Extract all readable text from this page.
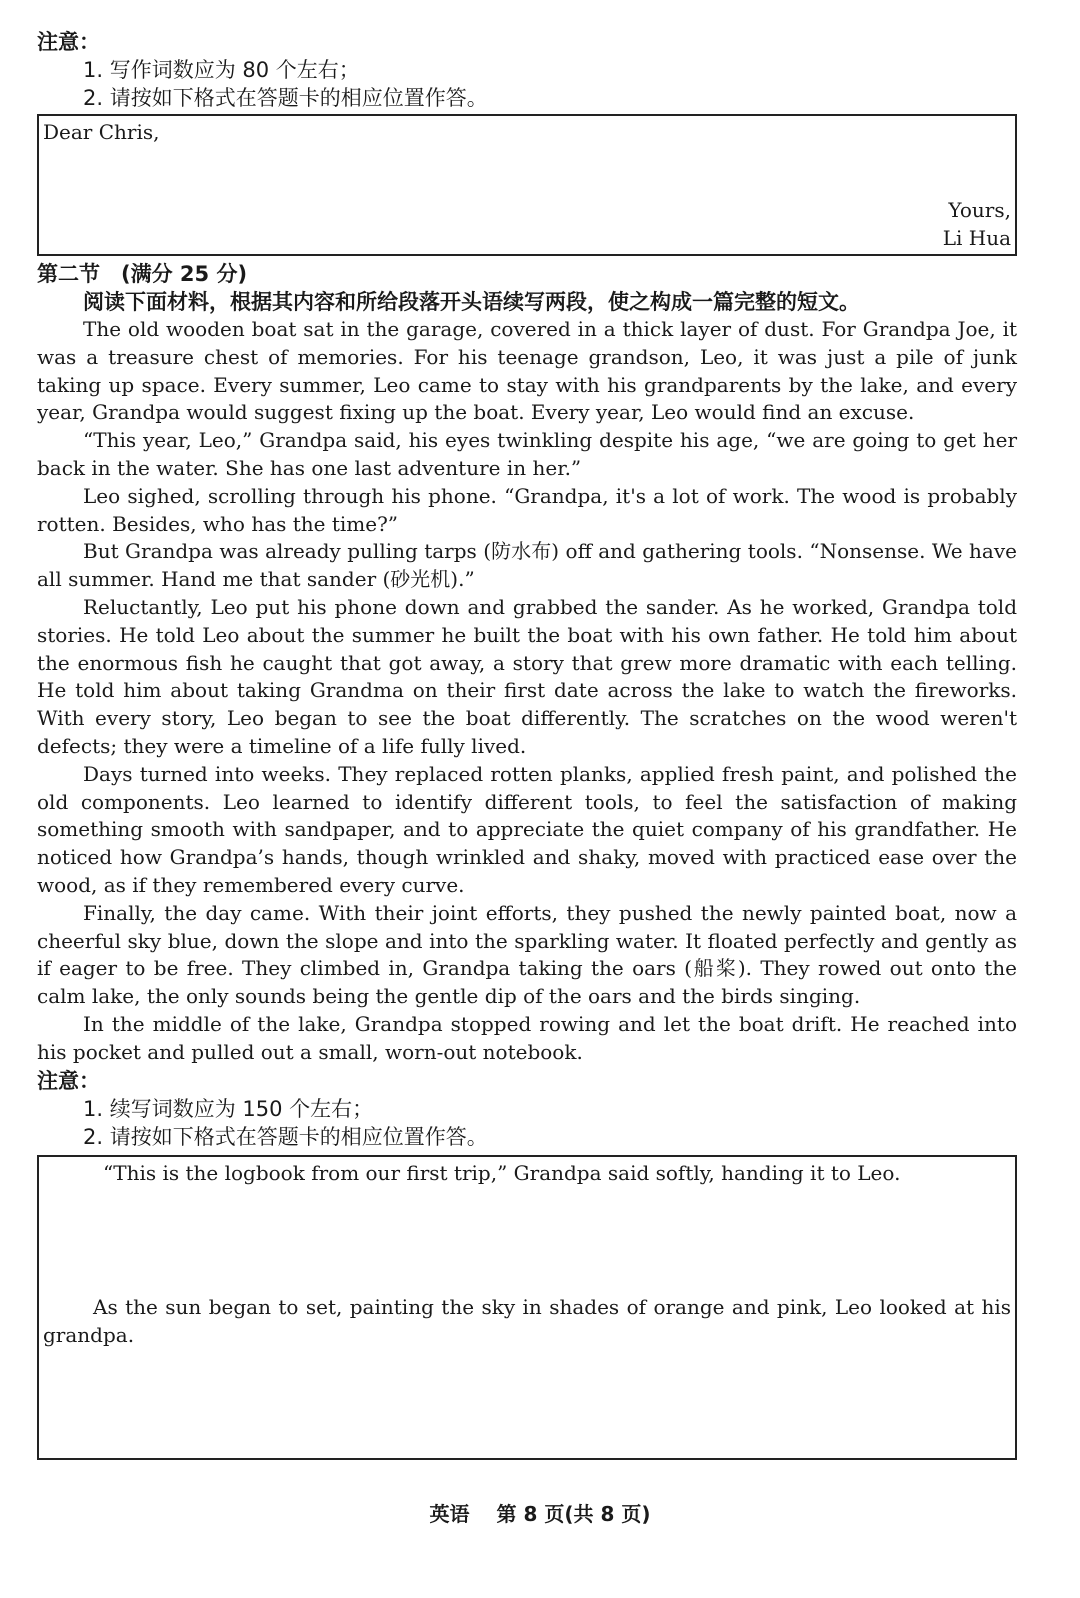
注意：
1. 写作词数应为 80 个左右；
2. 请按如下格式在答题卡的相应位置作答。
Dear Chris,
Yours,
Li Hua
第二节　(满分 25 分)
阅读下面材料，根据其内容和所给段落开头语续写两段，使之构成一篇完整的短文。

The old wooden boat sat in the garage, covered in a thick layer of dust. For Grandpa Joe, it was a treasure chest of memories. For his teenage grandson, Leo, it was just a pile of junk taking up space. Every summer, Leo came to stay with his grandparents by the lake, and every year, Grandpa would suggest fixing up the boat. Every year, Leo would find an excuse.

“This year, Leo,” Grandpa said, his eyes twinkling despite his age, “we are going to get her back in the water. She has one last adventure in her.”

Leo sighed, scrolling through his phone. “Grandpa, it's a lot of work. The wood is probably rotten. Besides, who has the time?”

But Grandpa was already pulling tarps (防水布) off and gathering tools. “Nonsense. We have all summer. Hand me that sander (砂光机).”

Reluctantly, Leo put his phone down and grabbed the sander. As he worked, Grandpa told stories. He told Leo about the summer he built the boat with his own father. He told him about the enormous fish he caught that got away, a story that grew more dramatic with each telling. He told him about taking Grandma on their first date across the lake to watch the fireworks. With every story, Leo began to see the boat differently. The scratches on the wood weren't defects; they were a timeline of a life fully lived.

Days turned into weeks. They replaced rotten planks, applied fresh paint, and polished the old components. Leo learned to identify different tools, to feel the satisfaction of making something smooth with sandpaper, and to appreciate the quiet company of his grandfather. He noticed how Grandpa’s hands, though wrinkled and shaky, moved with practiced ease over the wood, as if they remembered every curve.

Finally, the day came. With their joint efforts, they pushed the newly painted boat, now a cheerful sky blue, down the slope and into the sparkling water. It floated perfectly and gently as if eager to be free. They climbed in, Grandpa taking the oars (船桨). They rowed out onto the calm lake, the only sounds being the gentle dip of the oars and the birds singing.

In the middle of the lake, Grandpa stopped rowing and let the boat drift. He reached into his pocket and pulled out a small, worn-out notebook.

注意：
1. 续写词数应为 150 个左右；
2. 请按如下格式在答题卡的相应位置作答。

“This is the logbook from our first trip,” Grandpa said softly, handing it to Leo.

As the sun began to set, painting the sky in shades of orange and pink, Leo looked at his grandpa.

英语 第 8 页(共 8 页)
